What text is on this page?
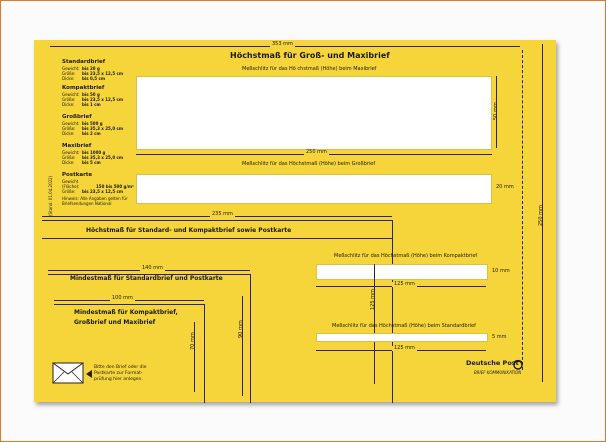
353 mm
250 mm
Höchstmaß für Groß- und Maxibrief
Standardbrief
Gewicht: bis 20 g
Größe: bis 23,5 x 12,5 cm
Dicke: bis 0,5 cm
Kompaktbrief
Gewicht: bis 50 g
Größe: bis 23,5 x 12,5 cm
Dicke: bis 1 cm
Großbrief
Gewicht: bis 500 g
Größe: bis 35,3 x 25,0 cm
Dicke: bis 2 cm
Maxibrief
Gewicht: bis 1000 g
Größe: bis 35,3 x 25,0 cm
Dicke: bis 5 cm
Postkarte
Gewicht (Fläche):	150 bis 500 g/m²
Größe: bis 23,5 x 12,5 cm
Hinweis: Alle Angaben gelten für Briefsendungen National
(Stand: 01.04.2022)
Meßschlitz für das Hö chstmaß (Höhe) beim Maxibrief
50 mm
250 mm
Meßschlitz für das Höchstmaß (Höhe) beim Großbrief
20 mm
235 mm
Höchstmaß für Standard- und Kompaktbrief sowie Postkarte
Meßschlitz für das Höchstmaß (Höhe) beim Kompaktbrief
10 mm
125 mm
125 mm
Meßschlitz für das Höchstmaß (Höhe) beim Standardbrief
5 mm
125 mm
140 mm
Mindestmaß für Standardbrief und Postkarte
90 mm
100 mm
Mindestmaß für Kompaktbrief,
Großbrief und Maxibrief
70 mm
Bitte den Brief oder die
Postkarte zur Format-
prüfung hier anlegen.
Deutsche Post
BRIEF KOMMUNIKATION
